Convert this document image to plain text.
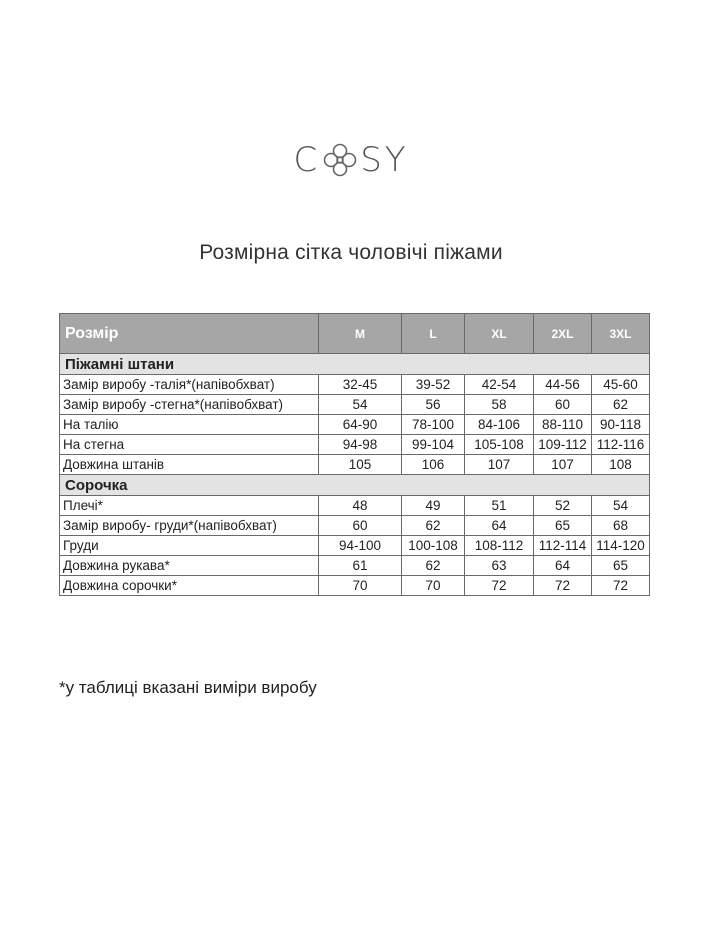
C SY
Розмірна сітка чоловічі піжами
Розмір	M	L	XL	2XL	3XL
Піжамні штани					
Замір виробу -талія*(напівобхват)	32-45	39-52	42-54	44-56	45-60
Замір виробу -стегна*(напівобхват)	54	56	58	60	62
На талію	64-90	78-100	84-106	88-110	90-118
На стегна	94-98	99-104	105-108	109-112	112-116
Довжина штанів	105	106	107	107	108
Сорочка					
Плечі*	48	49	51	52	54
Замір виробу- груди*(напівобхват)	60	62	64	65	68
Груди	94-100	100-108	108-112	112-114	114-120
Довжина рукава*	61	62	63	64	65
Довжина сорочки*	70	70	72	72	72
*у таблиці вказані виміри виробу
